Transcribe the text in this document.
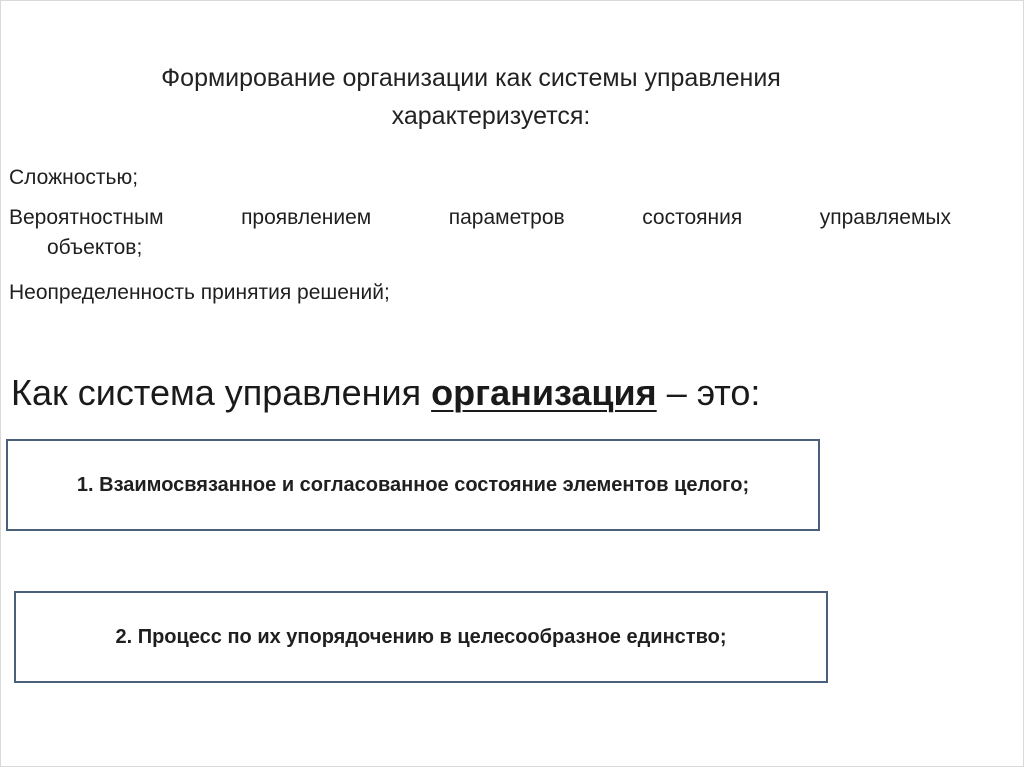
Формирование организации как системы управления
характеризуется:
Сложностью;
Вероятностным	проявлением	параметров	состояния	управляемых
объектов;
Неопределенность принятия решений;
Как система управления организация – это:
1. Взаимосвязанное и согласованное состояние элементов целого;
2. Процесс по их упорядочению в целесообразное единство;
